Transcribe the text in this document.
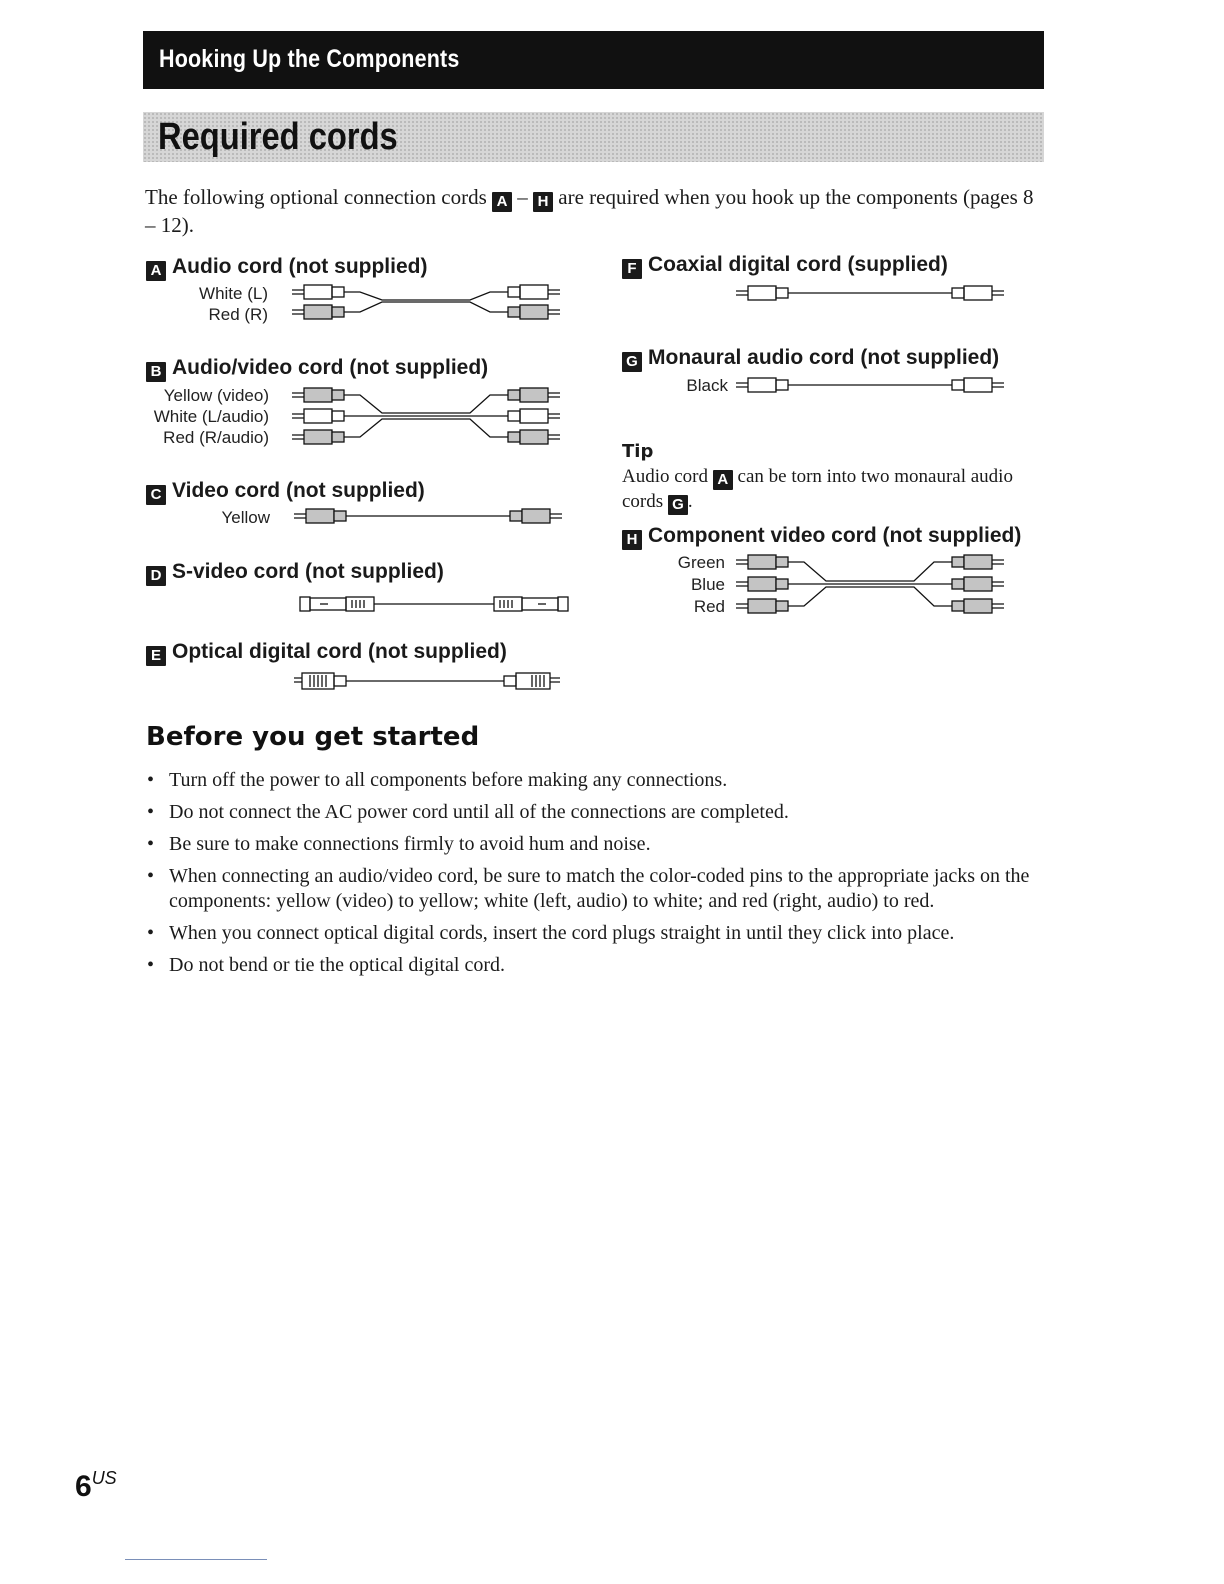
Hooking Up the Components
Required cords
The following optional connection cords A – H are required when you hook up the components (pages 8 – 12).
A Audio cord (not supplied)
White (L)
Red (R)
B Audio/video cord (not supplied)
Yellow (video)
White (L/audio)
Red (R/audio)
C Video cord (not supplied)
Yellow
D S-video cord (not supplied)
E Optical digital cord (not supplied)
F Coaxial digital cord (supplied)
G Monaural audio cord (not supplied)
Black
Tip
Audio cord A can be torn into two monaural audio cords G .
H Component video cord (not supplied)
Green
Blue
Red
Before you get started
• Turn off the power to all components before making any connections.
• Do not connect the AC power cord until all of the connections are completed.
• Be sure to make connections firmly to avoid hum and noise.
• When connecting an audio/video cord, be sure to match the color-coded pins to the appropriate jacks on the components: yellow (video) to yellow; white (left, audio) to white; and red (right, audio) to red.
• When you connect optical digital cords, insert the cord plugs straight in until they click into place.
• Do not bend or tie the optical digital cord.
$6^{US}$
